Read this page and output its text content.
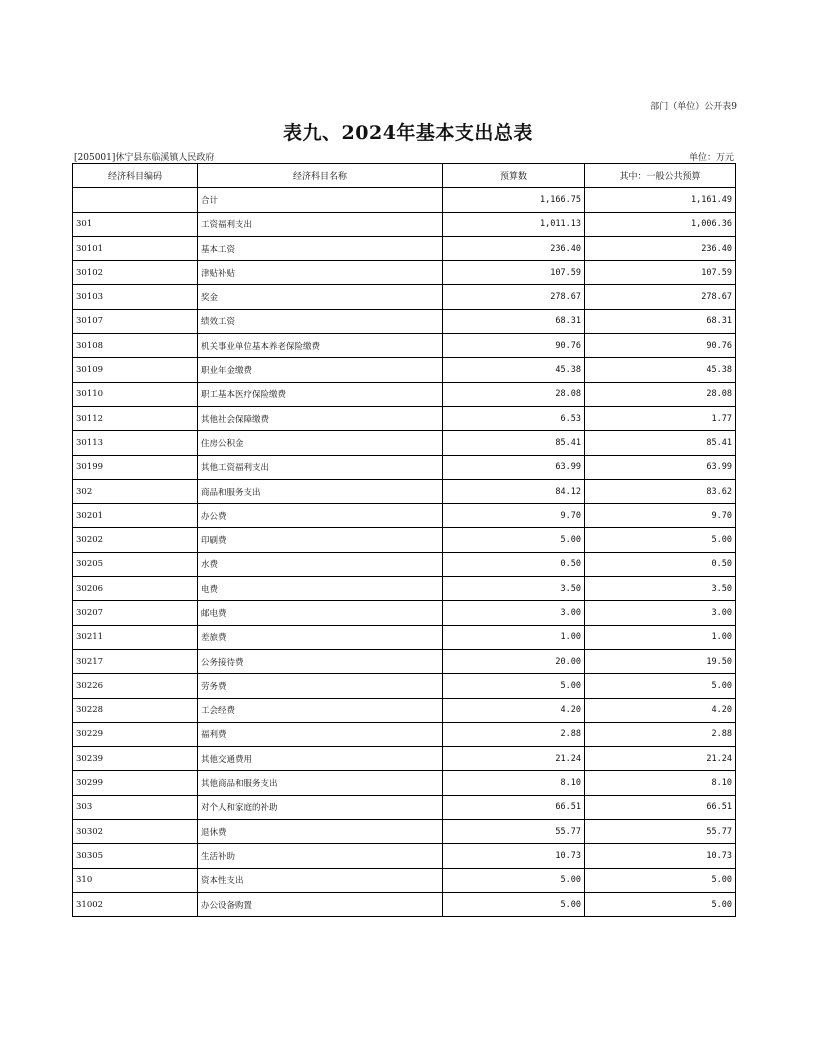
部门（单位）公开表9
表九、2024年基本支出总表
[205001]休宁县东临溪镇人民政府	单位：万元
经济科目编码	经济科目名称	预算数	其中：一般公共预算
	合计	1,166.75	1,161.49
301	工资福利支出	1,011.13	1,006.36
30101	基本工资	236.40	236.40
30102	津贴补贴	107.59	107.59
30103	奖金	278.67	278.67
30107	绩效工资	68.31	68.31
30108	机关事业单位基本养老保险缴费	90.76	90.76
30109	职业年金缴费	45.38	45.38
30110	职工基本医疗保险缴费	28.08	28.08
30112	其他社会保障缴费	6.53	1.77
30113	住房公积金	85.41	85.41
30199	其他工资福利支出	63.99	63.99
302	商品和服务支出	84.12	83.62
30201	办公费	9.70	9.70
30202	印刷费	5.00	5.00
30205	水费	0.50	0.50
30206	电费	3.50	3.50
30207	邮电费	3.00	3.00
30211	差旅费	1.00	1.00
30217	公务接待费	20.00	19.50
30226	劳务费	5.00	5.00
30228	工会经费	4.20	4.20
30229	福利费	2.88	2.88
30239	其他交通费用	21.24	21.24
30299	其他商品和服务支出	8.10	8.10
303	对个人和家庭的补助	66.51	66.51
30302	退休费	55.77	55.77
30305	生活补助	10.73	10.73
310	资本性支出	5.00	5.00
31002	办公设备购置	5.00	5.00
